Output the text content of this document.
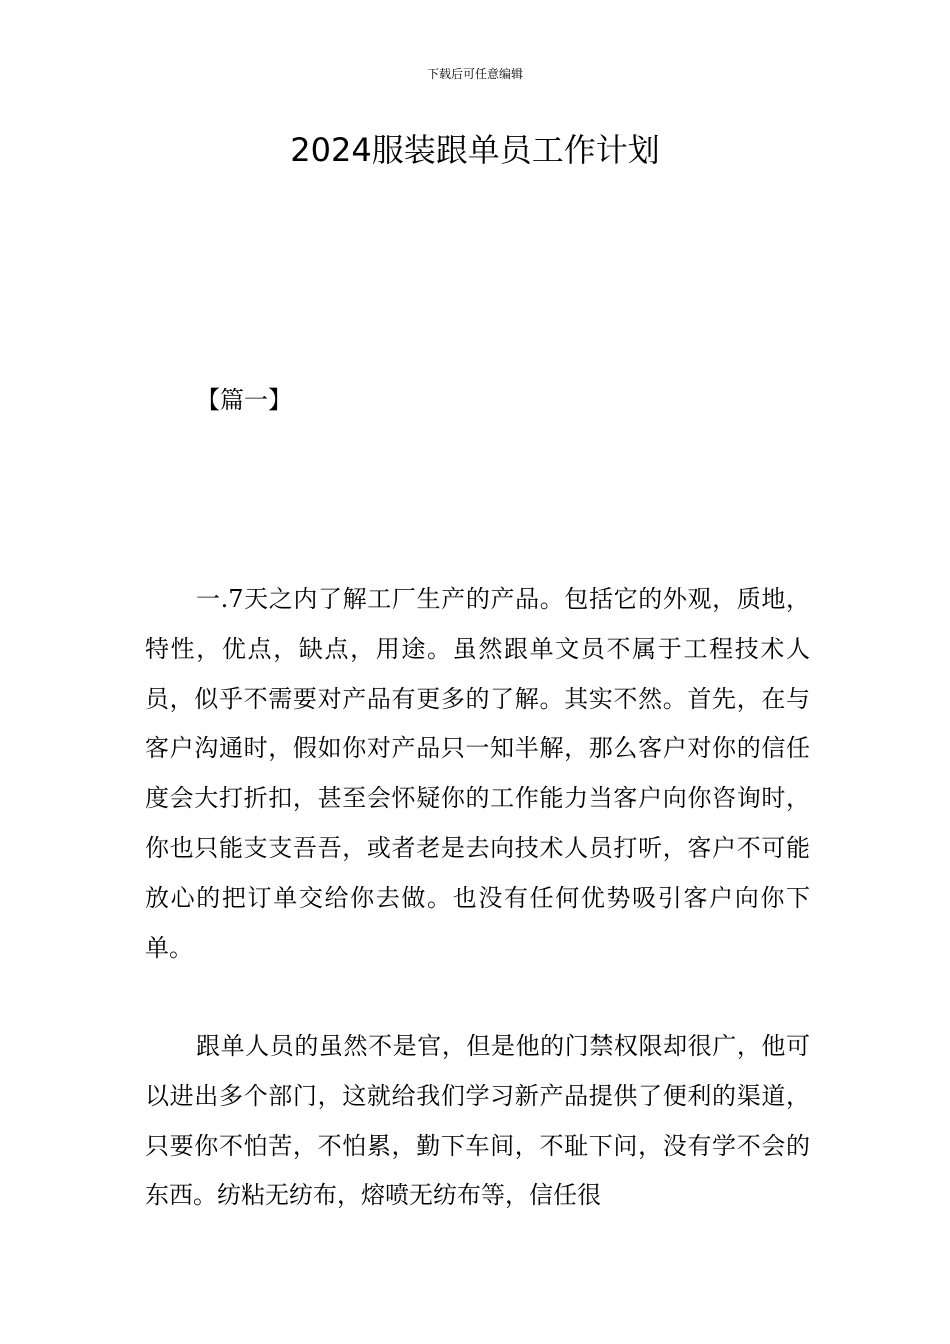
下载后可任意编辑
2024服装跟单员工作计划
【篇一】

一.7天之内了解工厂生产的产品。包括它的外观，质地，特性，优点，缺点，用途。虽然跟单文员不属于工程技术人员，似乎不需要对产品有更多的了解。其实不然。首先，在与客户沟通时，假如你对产品只一知半解，那么客户对你的信任度会大打折扣，甚至会怀疑你的工作能力当客户向你咨询时，你也只能支支吾吾，或者老是去向技术人员打听，客户不可能放心的把订单交给你去做。也没有任何优势吸引客户向你下单。

跟单人员的虽然不是官，但是他的门禁权限却很广，他可以进出多个部门，这就给我们学习新产品提供了便利的渠道，只要你不怕苦，不怕累，勤下车间，不耻下问，没有学不会的东西。纺粘无纺布，熔喷无纺布等，信任很
